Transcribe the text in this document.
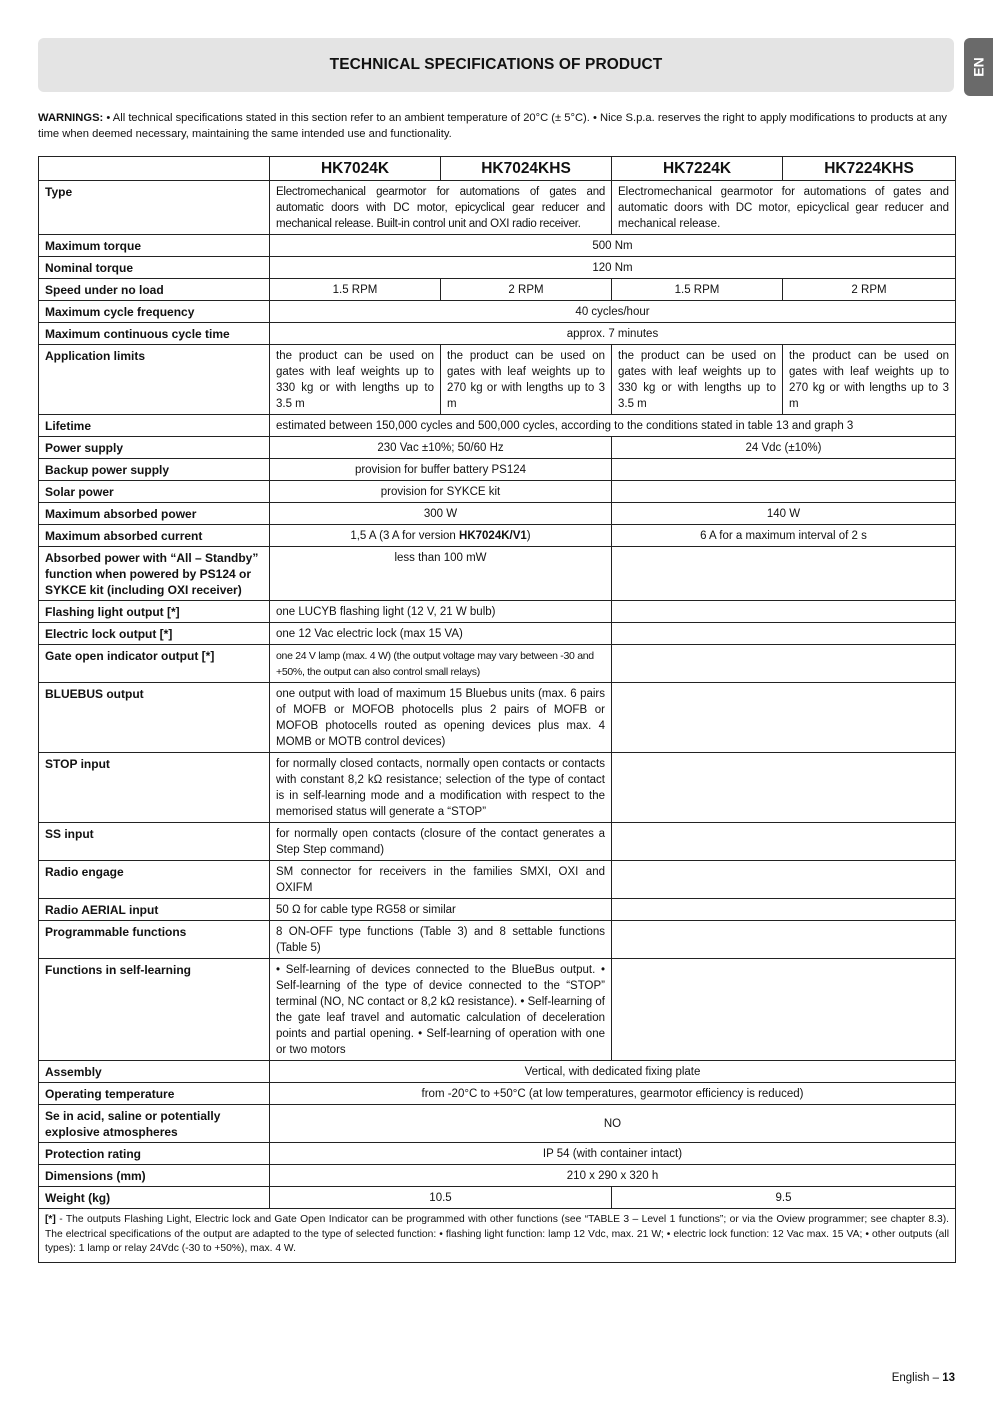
TECHNICAL SPECIFICATIONS OF PRODUCT	EN
WARNINGS: • All technical specifications stated in this section refer to an ambient temperature of 20°C (± 5°C). • Nice S.p.a. reserves the right to apply modifications to products at any time when deemed necessary, maintaining the same intended use and functionality.
	HK7024K	HK7024KHS	HK7224K	HK7224KHS
Type	Electromechanical gearmotor for automations of gates and automatic doors with DC motor, epicyclical gear reducer and mechanical release. Built-in control unit and OXI radio receiver.		Electromechanical gearmotor for automations of gates and automatic doors with DC motor, epicyclical gear reducer and mechanical release.	
Maximum torque	500 Nm			
Nominal torque	120 Nm			
Speed under no load	1.5 RPM	2 RPM	1.5 RPM	2 RPM
Maximum cycle frequency	40 cycles/hour			
Maximum continuous cycle time	approx. 7 minutes			
Application limits	the product can be used on gates with leaf weights up to 330 kg or with lengths up to 3.5 m	the product can be used on gates with leaf weights up to 270 kg or with lengths up to 3 m	the product can be used on gates with leaf weights up to 330 kg or with lengths up to 3.5 m	the product can be used on gates with leaf weights up to 270 kg or with lengths up to 3 m
Lifetime	estimated between 150,000 cycles and 500,000 cycles, according to the conditions stated in table 13 and graph 3			
Power supply	230 Vac ±10%; 50/60 Hz		24 Vdc (±10%)	
Backup power supply	provision for buffer battery PS124			
Solar power	provision for SYKCE kit			
Maximum absorbed power	300 W		140 W	
Maximum absorbed current	1,5 A (3 A for version HK7024K/V1)		6 A for a maximum interval of 2 s	
Absorbed power with “All – Standby” function when powered by PS124 or SYKCE kit (including OXI receiver)	less than 100 mW			
Flashing light output [*]	one LUCYB flashing light (12 V, 21 W bulb)			
Electric lock output [*]	one 12 Vac electric lock (max 15 VA)			
Gate open indicator output [*]	one 24 V lamp (max. 4 W) (the output voltage may vary between -30 and +50%, the output can also control small relays)			
BLUEBUS output	one output with load of maximum 15 Bluebus units (max. 6 pairs of MOFB or MOFOB photocells plus 2 pairs of MOFB or MOFOB photocells routed as opening devices plus max. 4 MOMB or MOTB control devices)			
STOP input	for normally closed contacts, normally open contacts or contacts with constant 8,2 kΩ resistance; selection of the type of contact is in self-learning mode and a modification with respect to the memorised status will generate a “STOP”			
SS input	for normally open contacts (closure of the contact generates a Step Step command)			
Radio engage	SM connector for receivers in the families SMXI, OXI and OXIFM			
Radio AERIAL input	50 Ω for cable type RG58 or similar			
Programmable functions	8 ON-OFF type functions (Table 3) and 8 settable functions (Table 5)			
Functions in self-learning	• Self-learning of devices connected to the BlueBus output. • Self-learning of the type of device connected to the “STOP” terminal (NO, NC contact or 8,2 kΩ resistance). • Self-learning of the gate leaf travel and automatic calculation of deceleration points and partial opening. • Self-learning of operation with one or two motors			
Assembly	Vertical, with dedicated fixing plate			
Operating temperature	from -20°C to +50°C (at low temperatures, gearmotor efficiency is reduced)			
Se in acid, saline or potentially explosive atmospheres	NO			
Protection rating	IP 54 (with container intact)			
Dimensions (mm)	210 x 290 x 320 h			
Weight (kg)	10.5		9.5	
[*] - The outputs Flashing Light, Electric lock and Gate Open Indicator can be programmed with other functions (see “TABLE 3 – Level 1 functions”; or via the Oview programmer; see chapter 8.3). The electrical specifications of the output are adapted to the type of selected function: • flashing light function: lamp 12 Vdc, max. 21 W; • electric lock function: 12 Vac max. 15 VA; • other outputs (all types): 1 lamp or relay 24Vdc (-30 to +50%), max. 4 W.				
English – 13
